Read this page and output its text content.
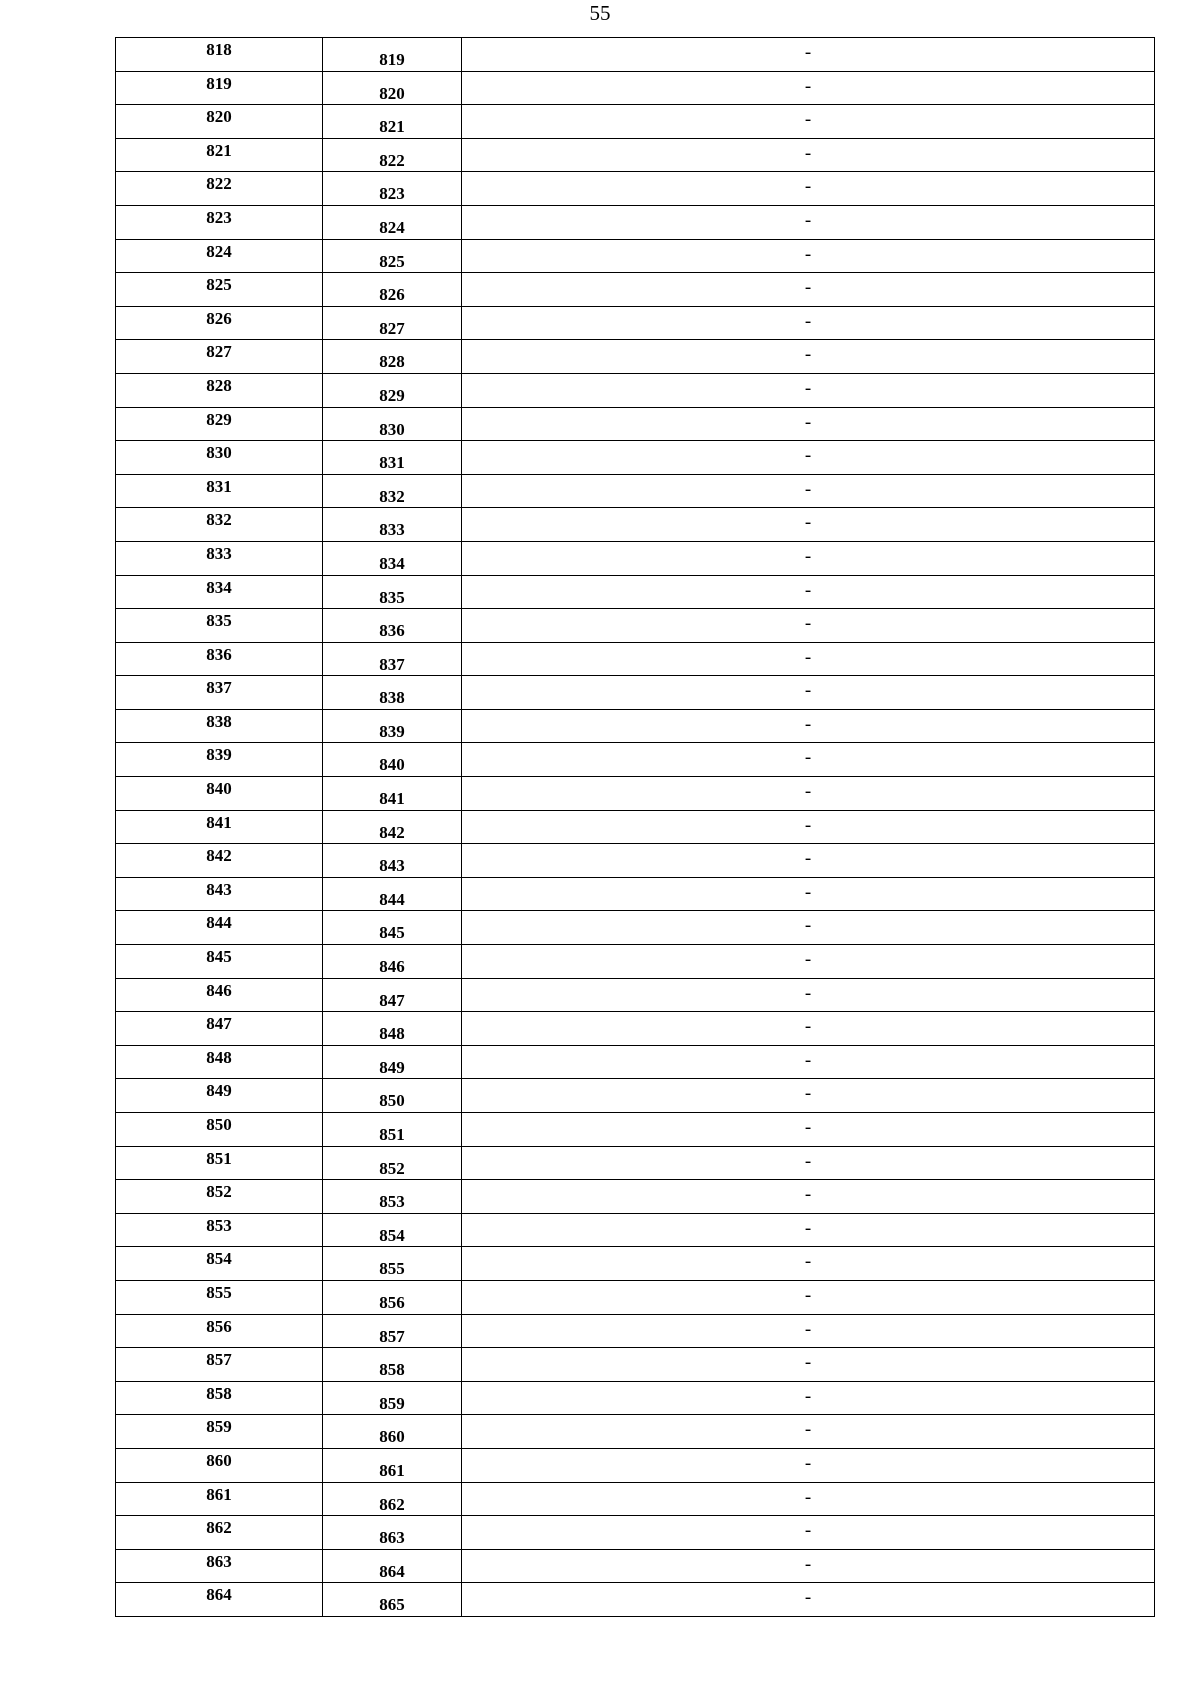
55
818	819	-

819	820	-

820	821	-

821	822	-

822	823	-

823	824	-

824	825	-

825	826	-

826	827	-

827	828	-

828	829	-

829	830	-

830	831	-

831	832	-

832	833	-

833	834	-

834	835	-

835	836	-

836	837	-

837	838	-

838	839	-

839	840	-

840	841	-

841	842	-

842	843	-

843	844	-

844	845	-

845	846	-

846	847	-

847	848	-

848	849	-

849	850	-

850	851	-

851	852	-

852	853	-

853	854	-

854	855	-

855	856	-

856	857	-

857	858	-

858	859	-

859	860	-

860	861	-

861	862	-

862	863	-

863	864	-

864	865	-
